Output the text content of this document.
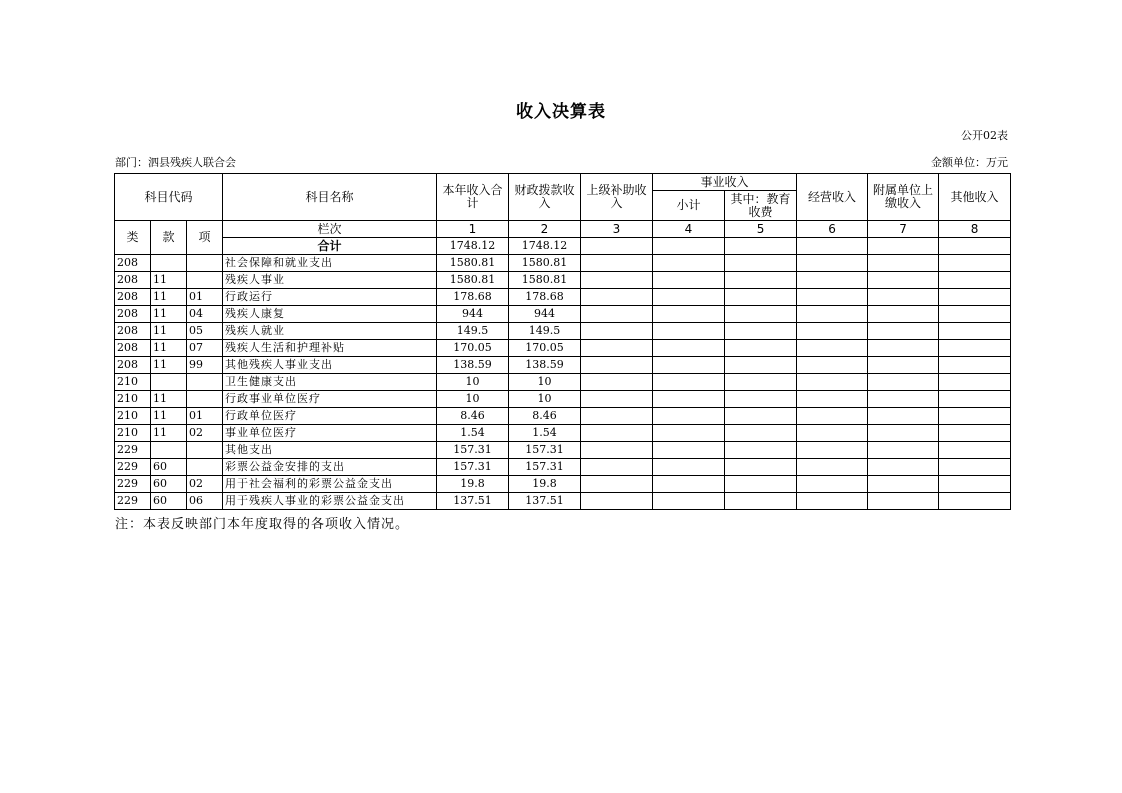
收入决算表
公开02表
部门：泗县残疾人联合会	金额单位：万元
科目代码			科目名称	本年收入合计	财政拨款收入	上级补助收入	事业收入		经营收入	附属单位上缴收入	其他收入
							小计	其中：教育收费			

类	款	项	栏次	1	2	3	4	5	6	7	8
			合计	1748.12	1748.12						
208			社会保障和就业支出	1580.81	1580.81						
208	11		残疾人事业	1580.81	1580.81						
208	11	01	行政运行	178.68	178.68						
208	11	04	残疾人康复	944	944						
208	11	05	残疾人就业	149.5	149.5						
208	11	07	残疾人生活和护理补贴	170.05	170.05						
208	11	99	其他残疾人事业支出	138.59	138.59						
210			卫生健康支出	10	10						
210	11		行政事业单位医疗	10	10						
210	11	01	行政单位医疗	8.46	8.46						
210	11	02	事业单位医疗	1.54	1.54						
229			其他支出	157.31	157.31						
229	60		彩票公益金安排的支出	157.31	157.31						
229	60	02	用于社会福利的彩票公益金支出	19.8	19.8						
229	60	06	用于残疾人事业的彩票公益金支出	137.51	137.51						
注：本表反映部门本年度取得的各项收入情况。
